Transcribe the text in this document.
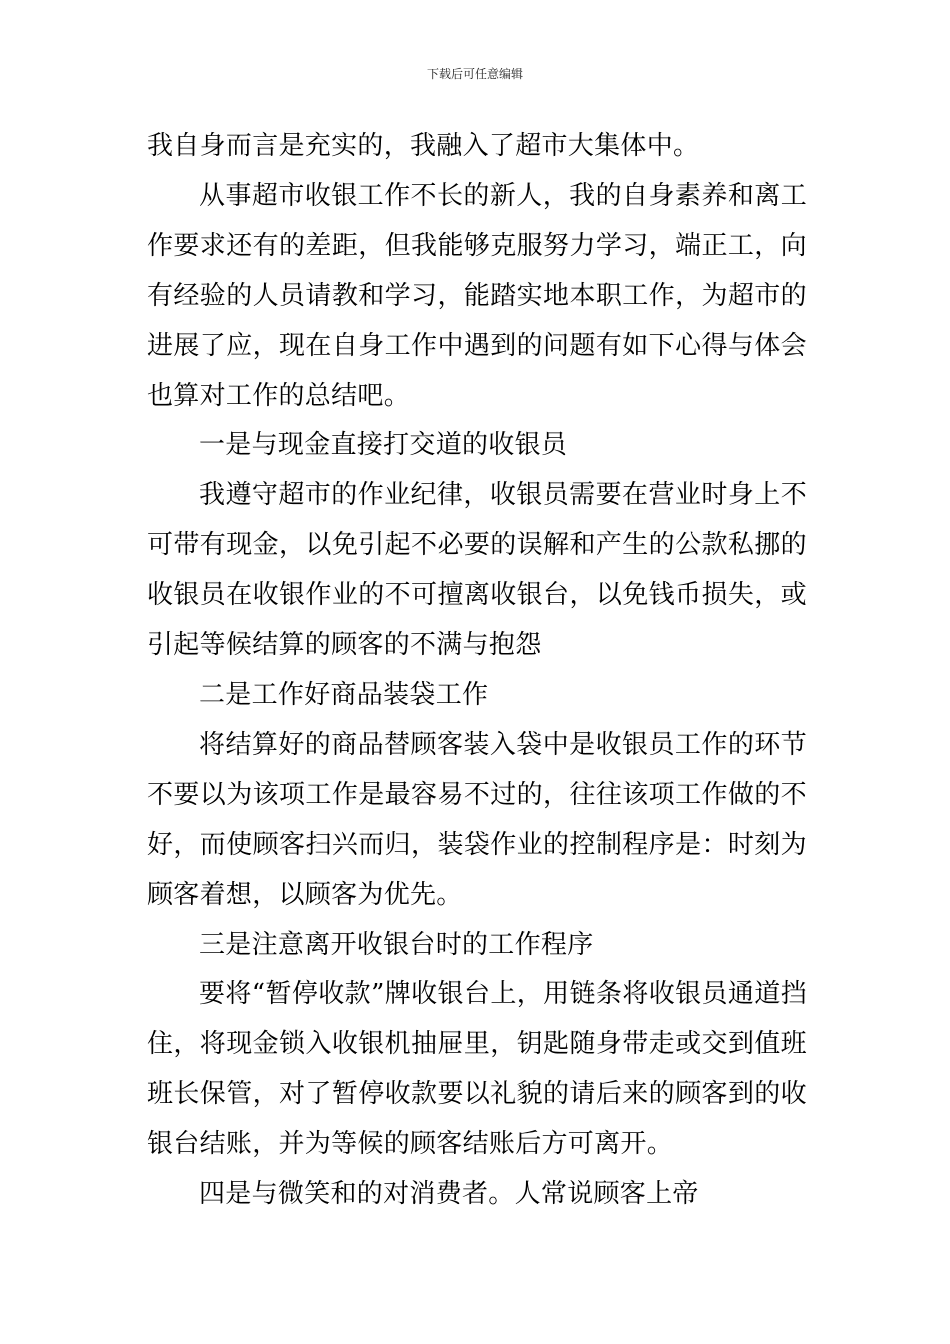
下载后可任意编辑

我自身而言是充实的，我融入了超市大集体中。

从事超市收银工作不长的新人，我的自身素养和离工作要求还有的差距，但我能够克服努力学习，端正工，向有经验的人员请教和学习，能踏实地本职工作，为超市的进展了应，现在自身工作中遇到的问题有如下心得与体会也算对工作的总结吧。

一是与现金直接打交道的收银员

我遵守超市的作业纪律，收银员需要在营业时身上不可带有现金，以免引起不必要的误解和产生的公款私挪的收银员在收银作业的不可擅离收银台，以免钱币损失，或引起等候结算的顾客的不满与抱怨

二是工作好商品装袋工作

将结算好的商品替顾客装入袋中是收银员工作的环节不要以为该项工作是最容易不过的，往往该项工作做的不好，而使顾客扫兴而归，装袋作业的控制程序是：时刻为顾客着想，以顾客为优先。

三是注意离开收银台时的工作程序

要将“暂停收款”牌收银台上，用链条将收银员通道挡住，将现金锁入收银机抽屉里，钥匙随身带走或交到值班班长保管，对了暂停收款要以礼貌的请后来的顾客到的收银台结账，并为等候的顾客结账后方可离开。

四是与微笑和的对消费者。人常说顾客上帝
